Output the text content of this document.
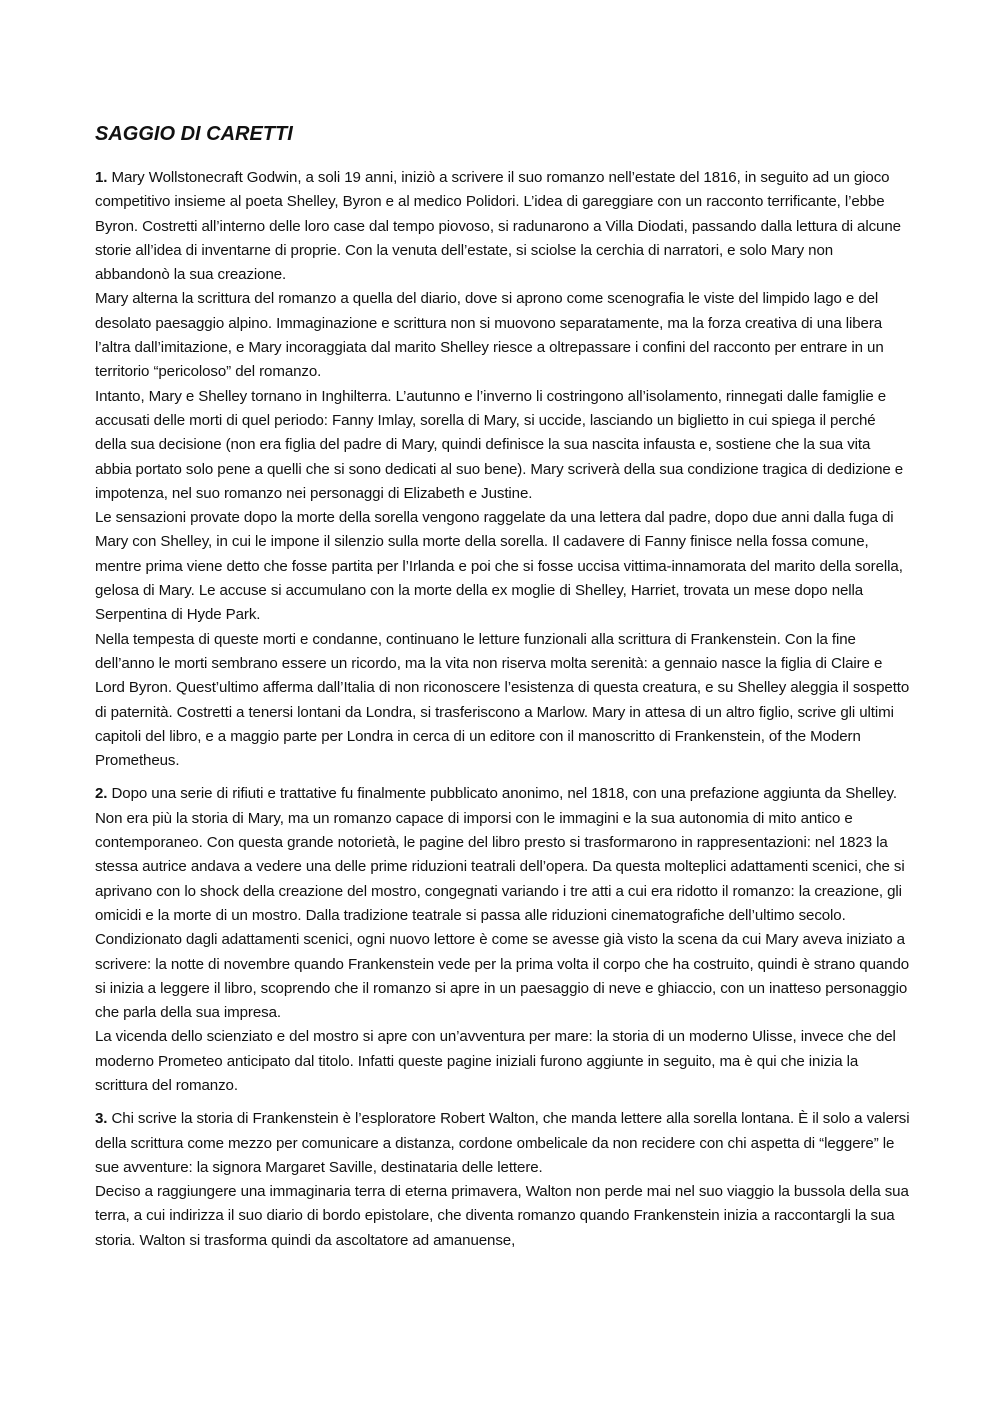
SAGGIO DI CARETTI

1. Mary Wollstonecraft Godwin, a soli 19 anni, iniziò a scrivere il suo romanzo nell’estate del 1816, in seguito ad un gioco competitivo insieme al poeta Shelley, Byron e al medico Polidori. L’idea di gareggiare con un racconto terrificante, l’ebbe Byron. Costretti all’interno delle loro case dal tempo piovoso, si radunarono a Villa Diodati, passando dalla lettura di alcune storie all’idea di inventarne di proprie. Con la venuta dell’estate, si sciolse la cerchia di narratori, e solo Mary non abbandonò la sua creazione.

Mary alterna la scrittura del romanzo a quella del diario, dove si aprono come scenografia le viste del limpido lago e del desolato paesaggio alpino. Immaginazione e scrittura non si muovono separatamente, ma la forza creativa di una libera l’altra dall’imitazione, e Mary incoraggiata dal marito Shelley riesce a oltrepassare i confini del racconto per entrare in un territorio “pericoloso” del romanzo.

Intanto, Mary e Shelley tornano in Inghilterra. L’autunno e l’inverno li costringono all’isolamento, rinnegati dalle famiglie e accusati delle morti di quel periodo: Fanny Imlay, sorella di Mary, si uccide, lasciando un biglietto in cui spiega il perché della sua decisione (non era figlia del padre di Mary, quindi definisce la sua nascita infausta e, sostiene che la sua vita abbia portato solo pene a quelli che si sono dedicati al suo bene). Mary scriverà della sua condizione tragica di dedizione e impotenza, nel suo romanzo nei personaggi di Elizabeth e Justine.

Le sensazioni provate dopo la morte della sorella vengono raggelate da una lettera dal padre, dopo due anni dalla fuga di Mary con Shelley, in cui le impone il silenzio sulla morte della sorella. Il cadavere di Fanny finisce nella fossa comune, mentre prima viene detto che fosse partita per l’Irlanda e poi che si fosse uccisa vittima-innamorata del marito della sorella, gelosa di Mary. Le accuse si accumulano con la morte della ex moglie di Shelley, Harriet, trovata un mese dopo nella Serpentina di Hyde Park.

Nella tempesta di queste morti e condanne, continuano le letture funzionali alla scrittura di Frankenstein. Con la fine dell’anno le morti sembrano essere un ricordo, ma la vita non riserva molta serenità: a gennaio nasce la figlia di Claire e Lord Byron. Quest’ultimo afferma dall’Italia di non riconoscere l’esistenza di questa creatura, e su Shelley aleggia il sospetto di paternità. Costretti a tenersi lontani da Londra, si trasferiscono a Marlow. Mary in attesa di un altro figlio, scrive gli ultimi capitoli del libro, e a maggio parte per Londra in cerca di un editore con il manoscritto di Frankenstein, of the Modern Prometheus.

2. Dopo una serie di rifiuti e trattative fu finalmente pubblicato anonimo, nel 1818, con una prefazione aggiunta da Shelley. Non era più la storia di Mary, ma un romanzo capace di imporsi con le immagini e la sua autonomia di mito antico e contemporaneo. Con questa grande notorietà, le pagine del libro presto si trasformarono in rappresentazioni: nel 1823 la stessa autrice andava a vedere una delle prime riduzioni teatrali dell’opera. Da questa molteplici adattamenti scenici, che si aprivano con lo shock della creazione del mostro, congegnati variando i tre atti a cui era ridotto il romanzo: la creazione, gli omicidi e la morte di un mostro. Dalla tradizione teatrale si passa alle riduzioni cinematografiche dell’ultimo secolo.

Condizionato dagli adattamenti scenici, ogni nuovo lettore è come se avesse già visto la scena da cui Mary aveva iniziato a scrivere: la notte di novembre quando Frankenstein vede per la prima volta il corpo che ha costruito, quindi è strano quando si inizia a leggere il libro, scoprendo che il romanzo si apre in un paesaggio di neve e ghiaccio, con un inatteso personaggio che parla della sua impresa.

La vicenda dello scienziato e del mostro si apre con un’avventura per mare: la storia di un moderno Ulisse, invece che del moderno Prometeo anticipato dal titolo. Infatti queste pagine iniziali furono aggiunte in seguito, ma è qui che inizia la scrittura del romanzo.

3. Chi scrive la storia di Frankenstein è l’esploratore Robert Walton, che manda lettere alla sorella lontana. È il solo a valersi della scrittura come mezzo per comunicare a distanza, cordone ombelicale da non recidere con chi aspetta di “leggere” le sue avventure: la signora Margaret Saville, destinataria delle lettere.

Deciso a raggiungere una immaginaria terra di eterna primavera, Walton non perde mai nel suo viaggio la bussola della sua terra, a cui indirizza il suo diario di bordo epistolare, che diventa romanzo quando Frankenstein inizia a raccontargli la sua storia. Walton si trasforma quindi da ascoltatore ad amanuense,
